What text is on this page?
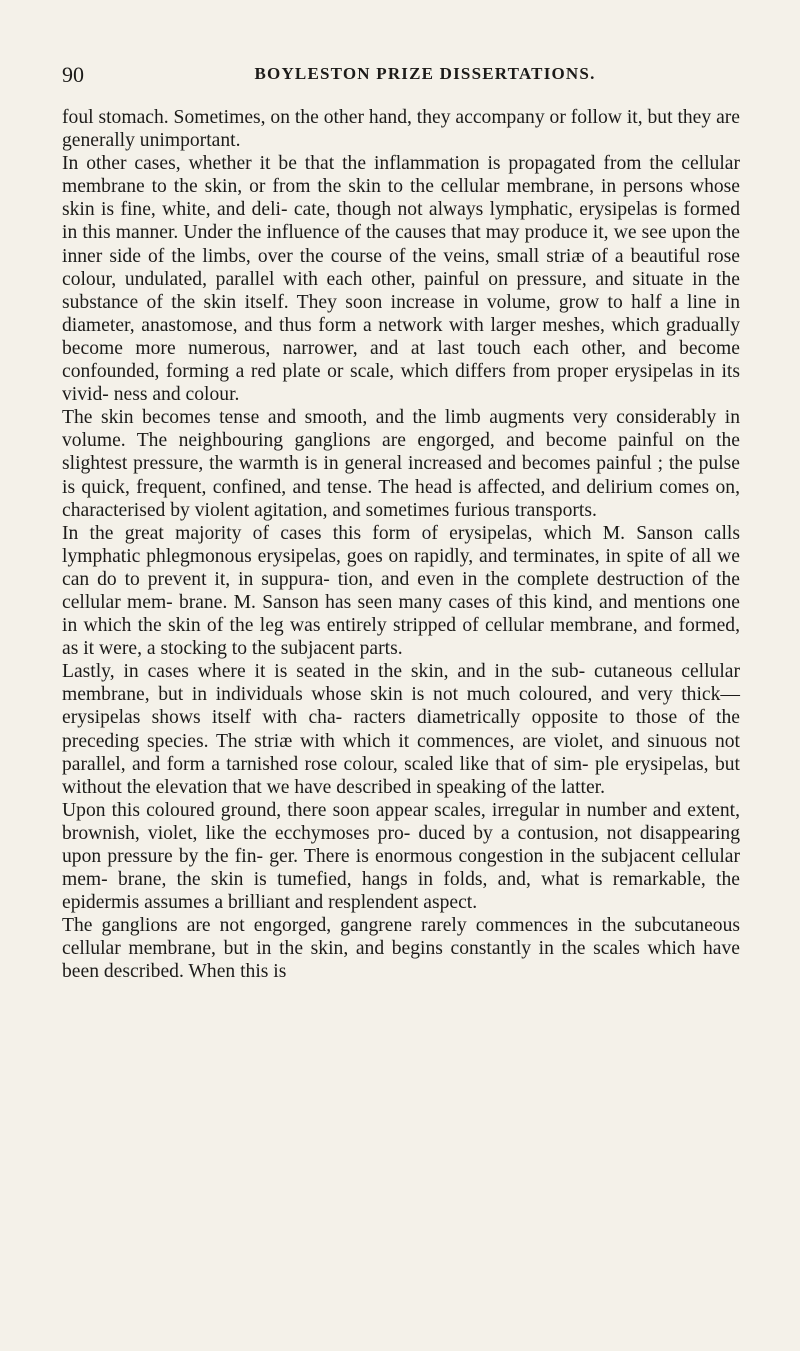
90	BOYLESTON PRIZE DISSERTATIONS.

foul stomach. Sometimes, on the other hand, they accompany or follow it, but they are generally unimportant.

In other cases, whether it be that the inflammation is propagated from the cellular membrane to the skin, or from the skin to the cellular membrane, in persons whose skin is fine, white, and deli- cate, though not always lymphatic, erysipelas is formed in this manner. Under the influence of the causes that may produce it, we see upon the inner side of the limbs, over the course of the veins, small striæ of a beautiful rose colour, undulated, parallel with each other, painful on pressure, and situate in the substance of the skin itself. They soon increase in volume, grow to half a line in diameter, anastomose, and thus form a network with larger meshes, which gradually become more numerous, narrower, and at last touch each other, and become confounded, forming a red plate or scale, which differs from proper erysipelas in its vivid- ness and colour.

The skin becomes tense and smooth, and the limb augments very considerably in volume. The neighbouring ganglions are engorged, and become painful on the slightest pressure, the warmth is in general increased and becomes painful ; the pulse is quick, frequent, confined, and tense. The head is affected, and delirium comes on, characterised by violent agitation, and sometimes furious transports.

In the great majority of cases this form of erysipelas, which M. Sanson calls lymphatic phlegmonous erysipelas, goes on rapidly, and terminates, in spite of all we can do to prevent it, in suppura- tion, and even in the complete destruction of the cellular mem- brane. M. Sanson has seen many cases of this kind, and mentions one in which the skin of the leg was entirely stripped of cellular membrane, and formed, as it were, a stocking to the subjacent parts.

Lastly, in cases where it is seated in the skin, and in the sub- cutaneous cellular membrane, but in individuals whose skin is not much coloured, and very thick—erysipelas shows itself with cha- racters diametrically opposite to those of the preceding species. The striæ with which it commences, are violet, and sinuous not parallel, and form a tarnished rose colour, scaled like that of sim- ple erysipelas, but without the elevation that we have described in speaking of the latter.

Upon this coloured ground, there soon appear scales, irregular in number and extent, brownish, violet, like the ecchymoses pro- duced by a contusion, not disappearing upon pressure by the fin- ger. There is enormous congestion in the subjacent cellular mem- brane, the skin is tumefied, hangs in folds, and, what is remarkable, the epidermis assumes a brilliant and resplendent aspect.

The ganglions are not engorged, gangrene rarely commences in the subcutaneous cellular membrane, but in the skin, and begins constantly in the scales which have been described. When this is
